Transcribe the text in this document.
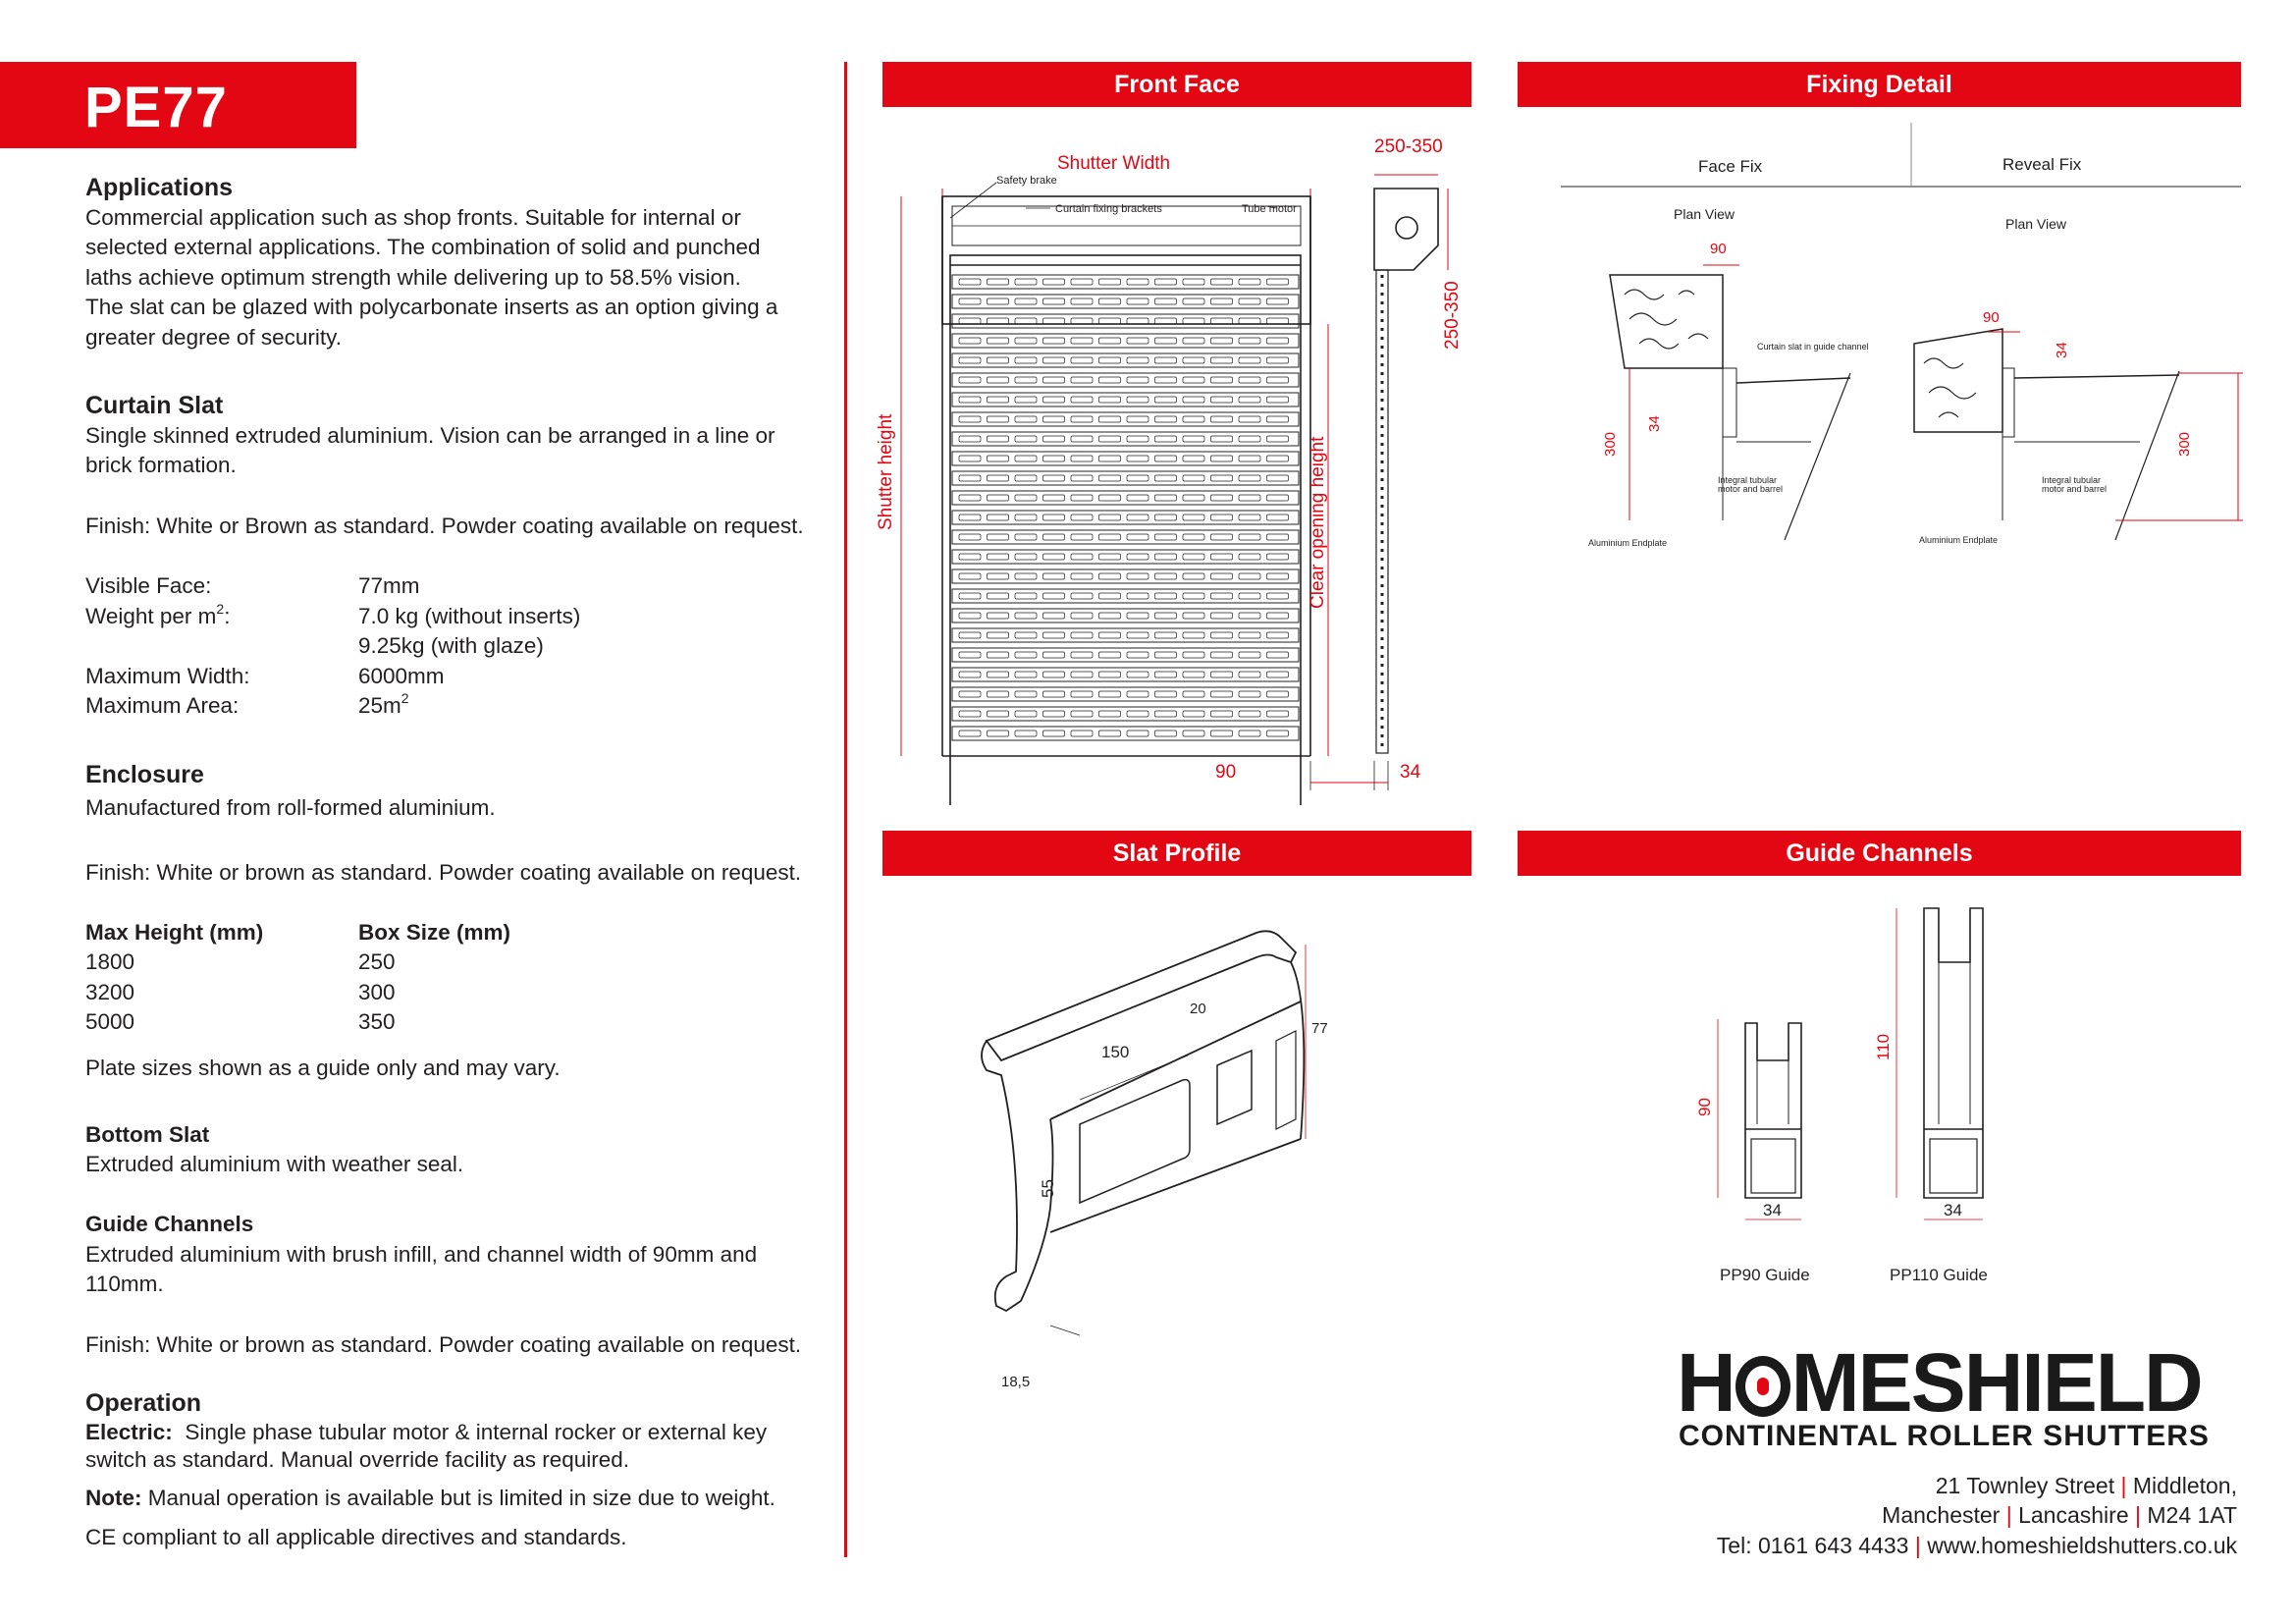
PE77
Applications
Commercial application such as shop fronts. Suitable for internal or
selected external applications. The combination of solid and punched
laths achieve optimum strength while delivering up to 58.5% vision.
The slat can be glazed with polycarbonate inserts as an option giving a
greater degree of security.
Curtain Slat
Single skinned extruded aluminium. Vision can be arranged in a line or
brick formation.
Finish: White or Brown as standard. Powder coating available on request.
Visible Face:	77mm
Weight per $m^2$:	7.0 kg (without inserts)
9.25kg (with glaze)
Maximum Width:	6000mm
Maximum Area:	$25m^2$
Enclosure
Manufactured from roll-formed aluminium.
Finish: White or brown as standard. Powder coating available on request.
Max Height (mm)	Box Size (mm)
1800	250
3200	300
5000	350
Plate sizes shown as a guide only and may vary.
Bottom Slat
Extruded aluminium with weather seal.
Guide Channels
Extruded aluminium with brush infill, and channel width of 90mm and
110mm.
Finish: White or brown as standard. Powder coating available on request.
Operation
Electric: Single phase tubular motor & internal rocker or external key
switch as standard. Manual override facility as required.
Note: Manual operation is available but is limited in size due to weight.
CE compliant to all applicable directives and standards.
Front Face	Fixing Detail
Slat Profile	Guide Channels
Shutter Width
Safety brake
Curtain fixing brackets	Tube motor
Shutter height	Clear opening height
250-350
250-350
90	34
Face Fix	Reveal Fix
Plan View
Plan View
90
90
34
34
300	300
Curtain slat in guide channel
Integral tubular
motor and barrel
Integral tubular
motor and barrel
Aluminium Endplate	Aluminium Endplate
150
20
77
55
18,5
90
110
34	34
PP90 Guide	PP110 Guide
H MESHIELD
CONTINENTAL ROLLER SHUTTERS
21 Townley Street | Middleton,
Manchester | Lancashire | M24 1AT
Tel: 0161 643 4433 | www.homeshieldshutters.co.uk
